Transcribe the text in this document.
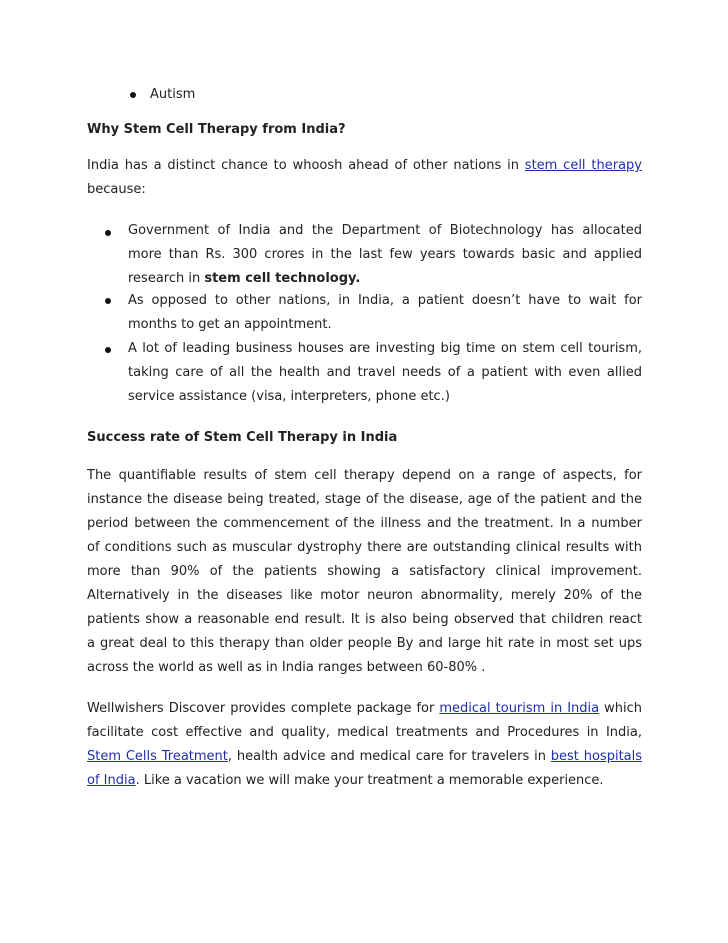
Autism
Why Stem Cell Therapy from India?
India has a distinct chance to whoosh ahead of other nations in stem cell therapy
because:
Government of India and the Department of Biotechnology has allocated
more than Rs. 300 crores in the last few years towards basic and applied
research in stem cell technology.
As opposed to other nations, in India, a patient doesn’t have to wait for
months to get an appointment.
A lot of leading business houses are investing big time on stem cell tourism,
taking care of all the health and travel needs of a patient with even allied
service assistance (visa, interpreters, phone etc.)
Success rate of Stem Cell Therapy in India
The quantifiable results of stem cell therapy depend on a range of aspects, for
instance the disease being treated, stage of the disease, age of the patient and the
period between the commencement of the illness and the treatment. In a number
of conditions such as muscular dystrophy there are outstanding clinical results with
more than 90% of the patients showing a satisfactory clinical improvement.
Alternatively in the diseases like motor neuron abnormality, merely 20% of the
patients show a reasonable end result. It is also being observed that children react
a great deal to this therapy than older people By and large hit rate in most set ups
across the world as well as in India ranges between 60-80% .
Wellwishers Discover provides complete package for medical tourism in India which
facilitate cost effective and quality, medical treatments and Procedures in India,
Stem Cells Treatment, health advice and medical care for travelers in best hospitals
of India. Like a vacation we will make your treatment a memorable experience.
